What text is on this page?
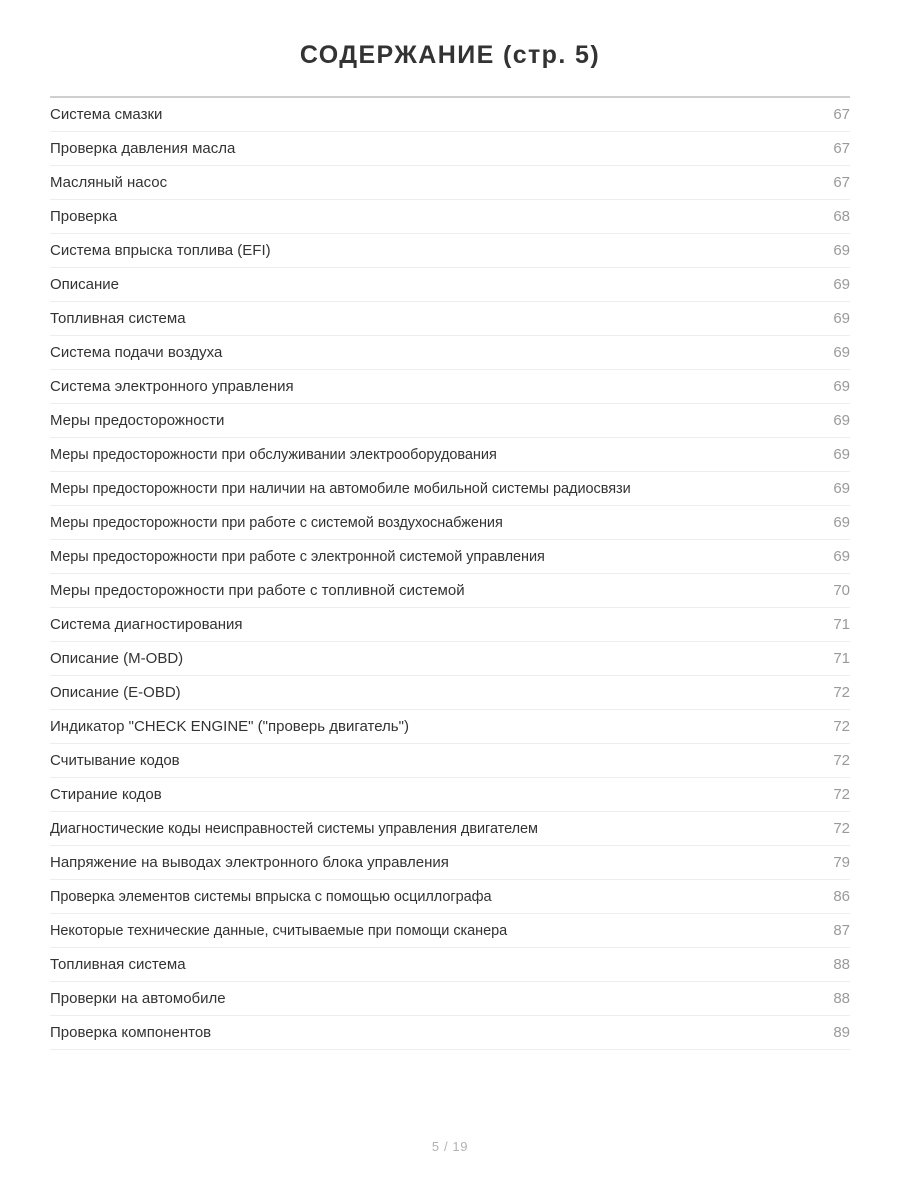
СОДЕРЖАНИЕ (стр. 5)
Система смазки	67
Проверка давления масла	67
Масляный насос	67
Проверка	68
Система впрыска топлива (EFI)	69
Описание	69
Топливная система	69
Система подачи воздуха	69
Система электронного управления	69
Меры предосторожности	69
Меры предосторожности при обслуживании электрооборудования	69
Меры предосторожности при наличии на автомобиле мобильной системы радиосвязи	69
Меры предосторожности при работе с системой воздухоснабжения	69
Меры предосторожности при работе с электронной системой управления	69
Меры предосторожности при работе с топливной системой	70
Система диагностирования	71
Описание (M-OBD)	71
Описание (E-OBD)	72
Индикатор "CHECK ENGINE" ("проверь двигатель")	72
Считывание кодов	72
Стирание кодов	72
Диагностические коды неисправностей системы управления двигателем	72
Напряжение на выводах электронного блока управления	79
Проверка элементов системы впрыска с помощью осциллографа	86
Некоторые технические данные, считываемые при помощи сканера	87
Топливная система	88
Проверки на автомобиле	88
Проверка компонентов	89
5 / 19
